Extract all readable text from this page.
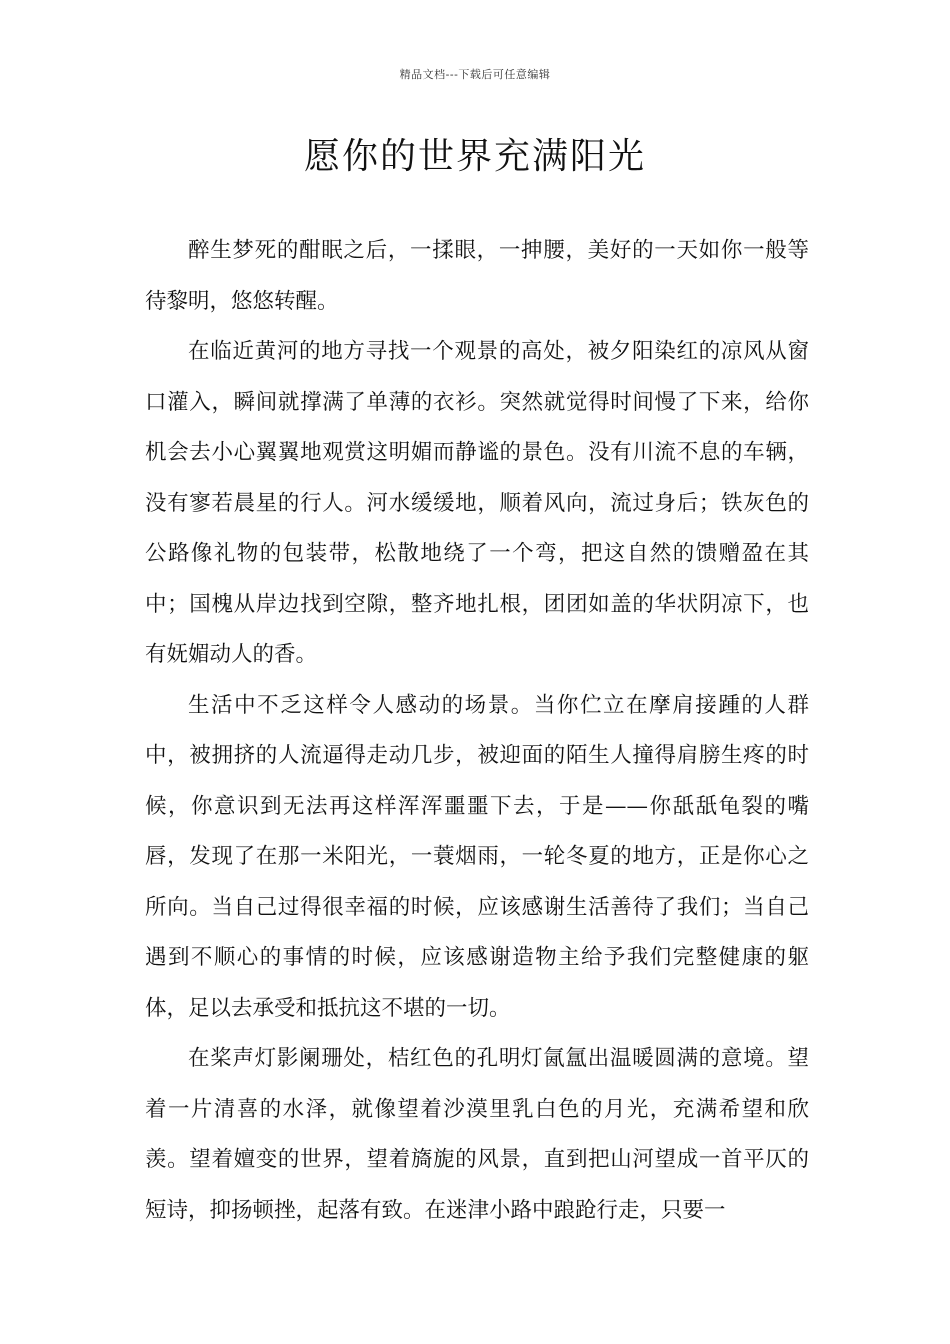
精品文档---下载后可任意编辑
愿你的世界充满阳光

醉生梦死的酣眠之后，一揉眼，一抻腰，美好的一天如你一般等待黎明，悠悠转醒。

在临近黄河的地方寻找一个观景的高处，被夕阳染红的凉风从窗口灌入，瞬间就撑满了单薄的衣衫。突然就觉得时间慢了下来，给你机会去小心翼翼地观赏这明媚而静谧的景色。没有川流不息的车辆，没有寥若晨星的行人。河水缓缓地，顺着风向，流过身后；铁灰色的公路像礼物的包装带，松散地绕了一个弯，把这自然的馈赠盈在其中；国槐从岸边找到空隙，整齐地扎根，团团如盖的华状阴凉下，也有妩媚动人的香。

生活中不乏这样令人感动的场景。当你伫立在摩肩接踵的人群中，被拥挤的人流逼得走动几步，被迎面的陌生人撞得肩膀生疼的时候，你意识到无法再这样浑浑噩噩下去，于是——你舐舐龟裂的嘴唇，发现了在那一米阳光，一蓑烟雨，一轮冬夏的地方，正是你心之所向。当自己过得很幸福的时候，应该感谢生活善待了我们；当自己遇到不顺心的事情的时候，应该感谢造物主给予我们完整健康的躯体，足以去承受和抵抗这不堪的一切。

在桨声灯影阑珊处，桔红色的孔明灯氤氲出温暖圆满的意境。望着一片清喜的水泽，就像望着沙漠里乳白色的月光，充满希望和欣羡。望着嬗变的世界，望着旖旎的风景，直到把山河望成一首平仄的短诗，抑扬顿挫，起落有致。在迷津小路中踉跄行走，只要一
